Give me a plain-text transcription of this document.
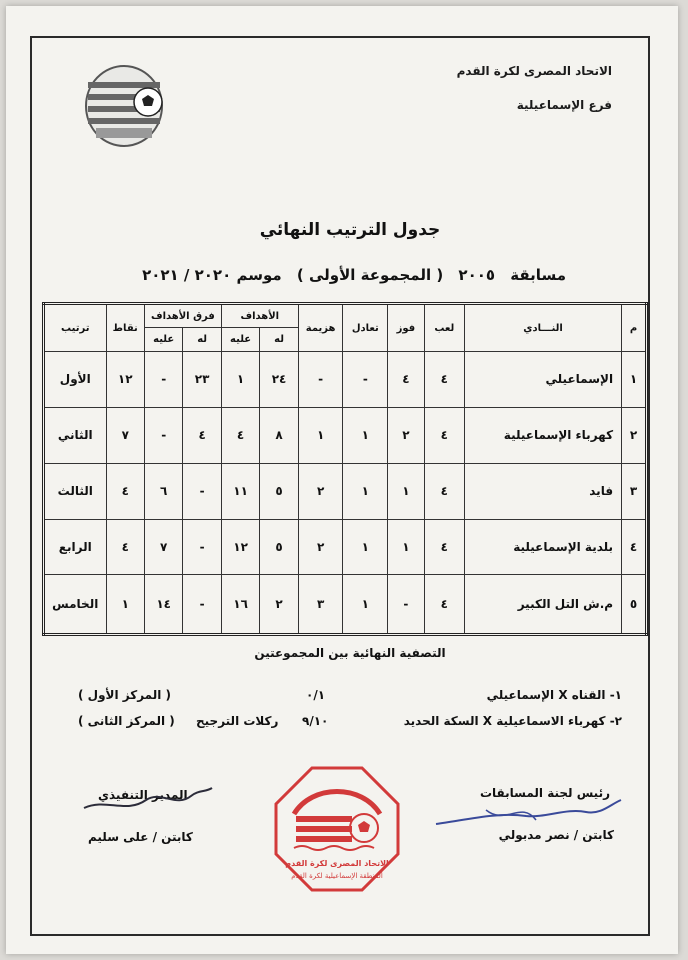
الاتحاد المصرى لكرة القدم
فرع الإسماعيلية
جدول الترتيب النهائي
مسابقة ٢٠٠٥ ( المجموعة الأولى ) موسم ٢٠٢٠ / ٢٠٢١
م	النـــادي	لعب	فوز	تعادل	هزيمة	الأهداف		فرق الأهداف		نقاط	ترتيب
						له	عليه	له	عليه		
١	الإسماعيلي	٤	٤	-	-	٢٤	١	٢٣	-	١٢	الأول
٢	كهرباء الإسماعيلية	٤	٢	١	١	٨	٤	٤	-	٧	الثاني
٣	فايد	٤	١	١	٢	٥	١١	-	٦	٤	الثالث
٤	بلدية الإسماعيلية	٤	١	١	٢	٥	١٢	-	٧	٤	الرابع
٥	م.ش التل الكبير	٤	-	١	٣	٢	١٦	-	١٤	١	الخامس
التصفية النهائية بين المجموعتين
١- القناه X الإسماعيلي
٠/١
( المركز الأول )
٢- كهرباء الاسماعيلية X السكة الحديد
٩/١٠
ركلات الترجيح
( المركز الثانى )
رئيس لجنة المسابقات
كابتن / نصر مدبولي
المدير التنفيذي
كابتن / على سليم
الاتحاد المصرى لكرة القدم
المنطقة الإسماعيلية لكرة القدم
